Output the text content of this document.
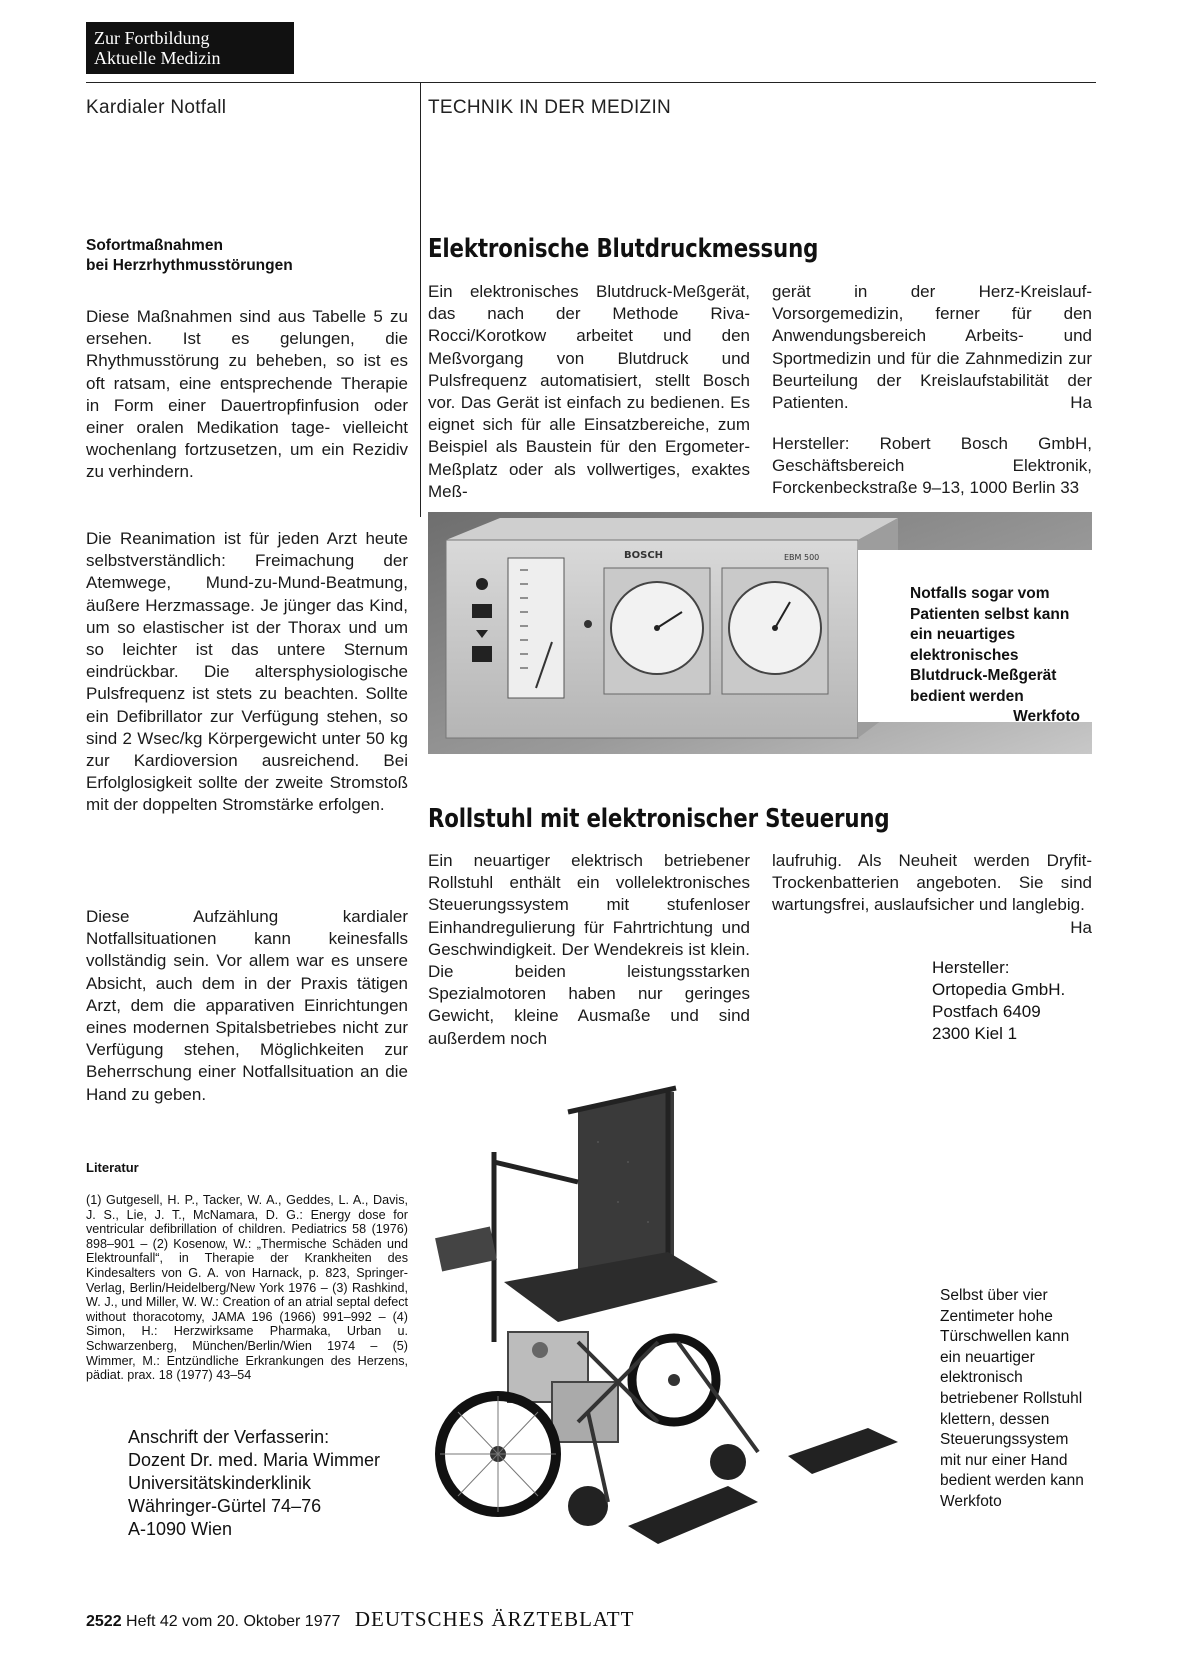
Zur Fortbildung
Aktuelle Medizin
Kardialer Notfall	TECHNIK IN DER MEDIZIN
Sofortmaßnahmen
bei Herzrhythmusstörungen
Diese Maßnahmen sind aus Tabelle 5 zu ersehen. Ist es gelungen, die Rhythmusstörung zu beheben, so ist es oft ratsam, eine entsprechende Therapie in Form einer Dauertropfinfusion oder einer oralen Medikation tage- vielleicht wochenlang fortzusetzen, um ein Rezidiv zu verhindern.
Die Reanimation ist für jeden Arzt heute selbstverständlich: Freimachung der Atemwege, Mund-zu-Mund-Beatmung, äußere Herzmassage. Je jünger das Kind, um so elastischer ist der Thorax und um so leichter ist das untere Sternum eindrückbar. Die altersphysiologische Pulsfrequenz ist stets zu beachten. Sollte ein Defibrillator zur Verfügung stehen, so sind 2 Wsec/kg Körpergewicht unter 50 kg zur Kardioversion ausreichend. Bei Erfolglosigkeit sollte der zweite Stromstoß mit der doppelten Stromstärke erfolgen.
Diese Aufzählung kardialer Notfallsituationen kann keinesfalls vollständig sein. Vor allem war es unsere Absicht, auch dem in der Praxis tätigen Arzt, dem die apparativen Einrichtungen eines modernen Spitalsbetriebes nicht zur Verfügung stehen, Möglichkeiten zur Beherrschung einer Notfallsituation an die Hand zu geben.
Literatur
(1) Gutgesell, H. P., Tacker, W. A., Geddes, L. A., Davis, J. S., Lie, J. T., McNamara, D. G.: Energy dose for ventricular defibrillation of children. Pediatrics 58 (1976) 898–901 – (2) Kosenow, W.: „Thermische Schäden und Elektrounfall“, in Therapie der Krankheiten des Kindesalters von G. A. von Harnack, p. 823, Springer-Verlag, Berlin/Heidelberg/New York 1976 – (3) Rashkind, W. J., und Miller, W. W.: Creation of an atrial septal defect without thoracotomy, JAMA 196 (1966) 991–992 – (4) Simon, H.: Herzwirksame Pharmaka, Urban u. Schwarzenberg, München/Berlin/Wien 1974 – (5) Wimmer, M.: Entzündliche Erkrankungen des Herzens, pädiat. prax. 18 (1977) 43–54
Anschrift der Verfasserin:
Dozent Dr. med. Maria Wimmer
Universitätskinderklinik
Währinger-Gürtel 74–76
A-1090 Wien
Elektronische Blutdruckmessung
Ein elektronisches Blutdruck-Meßgerät, das nach der Methode Riva-Rocci/Korotkow arbeitet und den Meßvorgang von Blutdruck und Pulsfrequenz automatisiert, stellt Bosch vor. Das Gerät ist einfach zu bedienen. Es eignet sich für alle Einsatzbereiche, zum Beispiel als Baustein für den Ergometer-Meßplatz oder als vollwertiges, exaktes Meß-
gerät in der Herz-Kreislauf-Vorsorgemedizin, ferner für den Anwendungsbereich Arbeits- und Sportmedizin und für die Zahnmedizin zur Beurteilung der Kreislaufstabilität der Patienten.	Ha
Hersteller: Robert Bosch GmbH, Geschäftsbereich Elektronik, Forckenbeckstraße 9–13, 1000 Berlin 33
BOSCH	EBM 500
Notfalls sogar vom Patienten selbst kann ein neuartiges elektronisches Blutdruck-Meßgerät bedient werden
Werkfoto
Rollstuhl mit elektronischer Steuerung
Ein neuartiger elektrisch betriebener Rollstuhl enthält ein vollelektronisches Steuerungssystem mit stufenloser Einhandregulierung für Fahrtrichtung und Geschwindigkeit. Der Wendekreis ist klein. Die beiden leistungsstarken Spezialmotoren haben nur geringes Gewicht, kleine Ausmaße und sind außerdem noch
laufruhig. Als Neuheit werden Dryfit-Trockenbatterien angeboten. Sie sind wartungsfrei, auslaufsicher und langlebig.
Ha
Hersteller:
Ortopedia GmbH.
Postfach 6409
2300 Kiel 1
Selbst über vier Zentimeter hohe Türschwellen kann ein neuartiger elektronisch betriebener Rollstuhl klettern, dessen Steuerungssystem mit nur einer Hand bedient werden kann Werkfoto
2522 Heft 42 vom 20. Oktober 1977 DEUTSCHES ÄRZTEBLATT
